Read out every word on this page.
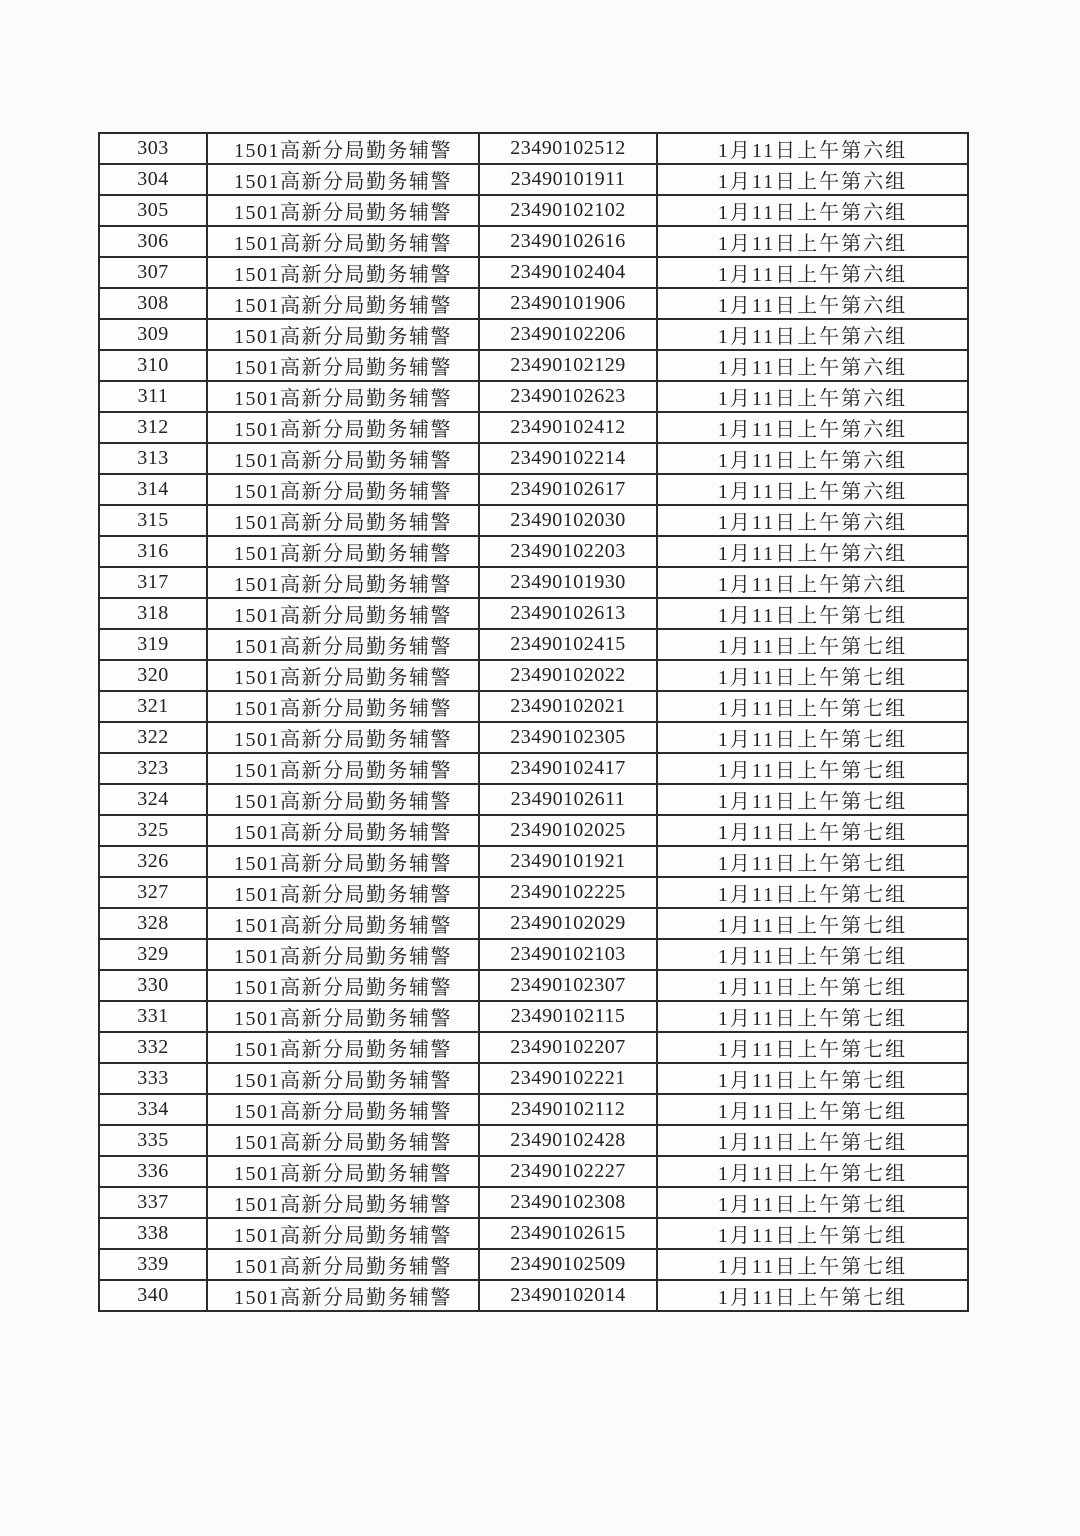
303	1501高新分局勤务辅警	23490102512	1月11日上午第六组
304	1501高新分局勤务辅警	23490101911	1月11日上午第六组
305	1501高新分局勤务辅警	23490102102	1月11日上午第六组
306	1501高新分局勤务辅警	23490102616	1月11日上午第六组
307	1501高新分局勤务辅警	23490102404	1月11日上午第六组
308	1501高新分局勤务辅警	23490101906	1月11日上午第六组
309	1501高新分局勤务辅警	23490102206	1月11日上午第六组
310	1501高新分局勤务辅警	23490102129	1月11日上午第六组
311	1501高新分局勤务辅警	23490102623	1月11日上午第六组
312	1501高新分局勤务辅警	23490102412	1月11日上午第六组
313	1501高新分局勤务辅警	23490102214	1月11日上午第六组
314	1501高新分局勤务辅警	23490102617	1月11日上午第六组
315	1501高新分局勤务辅警	23490102030	1月11日上午第六组
316	1501高新分局勤务辅警	23490102203	1月11日上午第六组
317	1501高新分局勤务辅警	23490101930	1月11日上午第六组
318	1501高新分局勤务辅警	23490102613	1月11日上午第七组
319	1501高新分局勤务辅警	23490102415	1月11日上午第七组
320	1501高新分局勤务辅警	23490102022	1月11日上午第七组
321	1501高新分局勤务辅警	23490102021	1月11日上午第七组
322	1501高新分局勤务辅警	23490102305	1月11日上午第七组
323	1501高新分局勤务辅警	23490102417	1月11日上午第七组
324	1501高新分局勤务辅警	23490102611	1月11日上午第七组
325	1501高新分局勤务辅警	23490102025	1月11日上午第七组
326	1501高新分局勤务辅警	23490101921	1月11日上午第七组
327	1501高新分局勤务辅警	23490102225	1月11日上午第七组
328	1501高新分局勤务辅警	23490102029	1月11日上午第七组
329	1501高新分局勤务辅警	23490102103	1月11日上午第七组
330	1501高新分局勤务辅警	23490102307	1月11日上午第七组
331	1501高新分局勤务辅警	23490102115	1月11日上午第七组
332	1501高新分局勤务辅警	23490102207	1月11日上午第七组
333	1501高新分局勤务辅警	23490102221	1月11日上午第七组
334	1501高新分局勤务辅警	23490102112	1月11日上午第七组
335	1501高新分局勤务辅警	23490102428	1月11日上午第七组
336	1501高新分局勤务辅警	23490102227	1月11日上午第七组
337	1501高新分局勤务辅警	23490102308	1月11日上午第七组
338	1501高新分局勤务辅警	23490102615	1月11日上午第七组
339	1501高新分局勤务辅警	23490102509	1月11日上午第七组
340	1501高新分局勤务辅警	23490102014	1月11日上午第七组
